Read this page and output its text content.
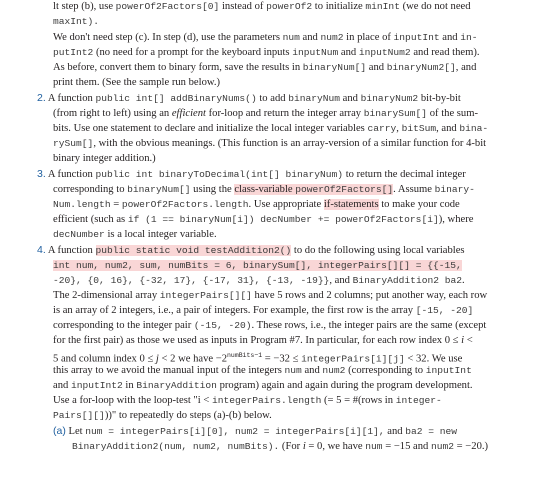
lt step (b), use powerOf2Factors[0] instead of powerOf2 to initialize minInt (we do not need
maxInt).
We don't need step (c). In step (d), use the parameters num and num2 in place of inputInt and in-
putInt2 (no need for a prompt for the keyboard inputs inputNum and inputNum2 and read them).
As before, convert them to binary form, save the results in binaryNum[] and binaryNum2[], and
print them. (See the sample run below.)
2. A function public int[] addBinaryNums() to add binaryNum and binaryNum2 bit-by-bit
(from right to left) using an efficient for-loop and return the integer array binarySum[] of the sum-
bits. Use one statement to declare and initialize the local integer variables carry, bitSum, and bina-
rySum[], with the obvious meanings. (This function is an array-version of a similar function for 4-bit
binary integer addition.)
3. A function public int binaryToDecimal(int[] binaryNum) to return the decimal integer
corresponding to binaryNum[] using the class-variable powerOf2Factors[]. Assume binary-
Num.length = powerOf2Factors.length. Use appropriate if-statements to make your code
efficient (such as if (1 == binaryNum[i]) decNumber += powerOf2Factors[i]), where
decNumber is a local integer variable.
4. A function public static void testAddition2() to do the following using local variables
int num, num2, sum, numBits = 6, binarySum[], integerPairs[][] = {{-15,
-20}, {0, 16}, {-32, 17}, {-17, 31}, {-13, -19}}, and BinaryAddition2 ba2.
The 2-dimensional array integerPairs[][] have 5 rows and 2 columns; put another way, each row
is an array of 2 integers, i.e., a pair of integers. For example, the first row is the array [-15, -20]
corresponding to the integer pair (-15, -20). These rows, i.e., the integer pairs are the same (except
for the first pair) as those we used as inputs in Program #7. In particular, for each row index 0 ≤ i <
5 and column index 0 ≤ j < 2 we have $-2^{numBits-1} = -32$ ≤ integerPairs[i][j] < 32. We use
this array to we avoid the manual input of the integers num and num2 (corresponding to inputInt
and inputInt2 in BinaryAddition program) again and again during the program development.
Use a for-loop with the loop-test "i < integerPairs.length (= 5 = #(rows in integer-
Pairs[][]))" to repeatedly do steps (a)-(b) below.
(a) Let num = integerPairs[i][0], num2 = integerPairs[i][1], and ba2 = new
BinaryAddition2(num, num2, numBits). (For i = 0, we have num = −15 and num2 = −20.)
